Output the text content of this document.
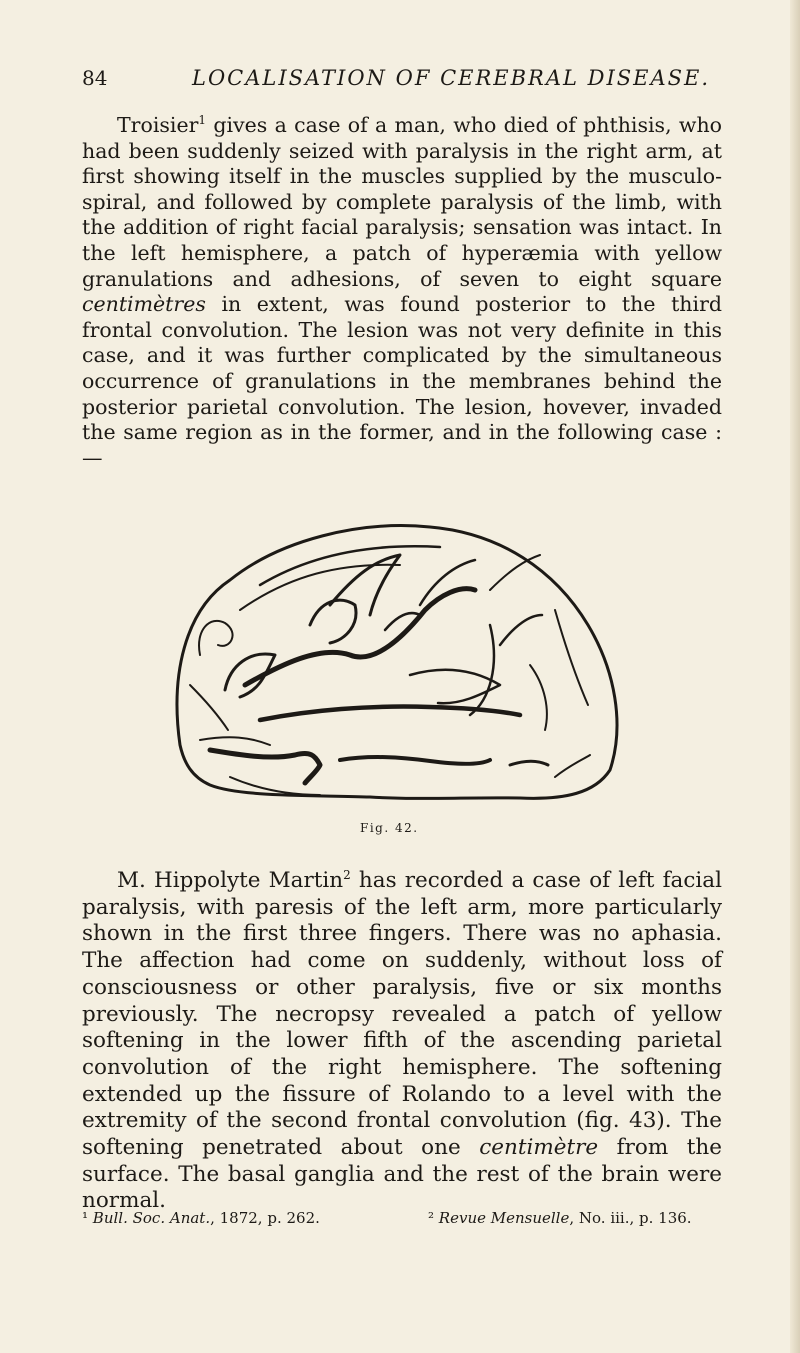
84	LOCALISATION OF CEREBRAL DISEASE.

Troisier$^1$ gives a case of a man, who died of phthisis, who had been suddenly seized with paralysis in the right arm, at first showing itself in the muscles supplied by the musculo-spiral, and followed by complete paralysis of the limb, with the addition of right facial paralysis; sensation was intact. In the left hemisphere, a patch of hyperæmia with yellow granulations and adhesions, of seven to eight square centimètres in extent, was found posterior to the third frontal convolution. The lesion was not very definite in this case, and it was further complicated by the simultaneous occurrence of granulations in the membranes behind the posterior parietal convolution. The lesion, hovever, invaded the same region as in the former, and in the following case :—

Fig. 42.

M. Hippolyte Martin$^2$ has recorded a case of left facial paralysis, with paresis of the left arm, more particularly shown in the first three fingers. There was no aphasia. The affection had come on suddenly, without loss of consciousness or other paralysis, five or six months previously. The necropsy revealed a patch of yellow softening in the lower fifth of the ascending parietal convolution of the right hemisphere. The softening extended up the fissure of Rolando to a level with the extremity of the second frontal convolution (fig. 43). The softening penetrated about one centimètre from the surface. The basal ganglia and the rest of the brain were normal.

¹ Bull. Soc. Anat., 1872, p. 262.	² Revue Mensuelle, No. iii., p. 136.
